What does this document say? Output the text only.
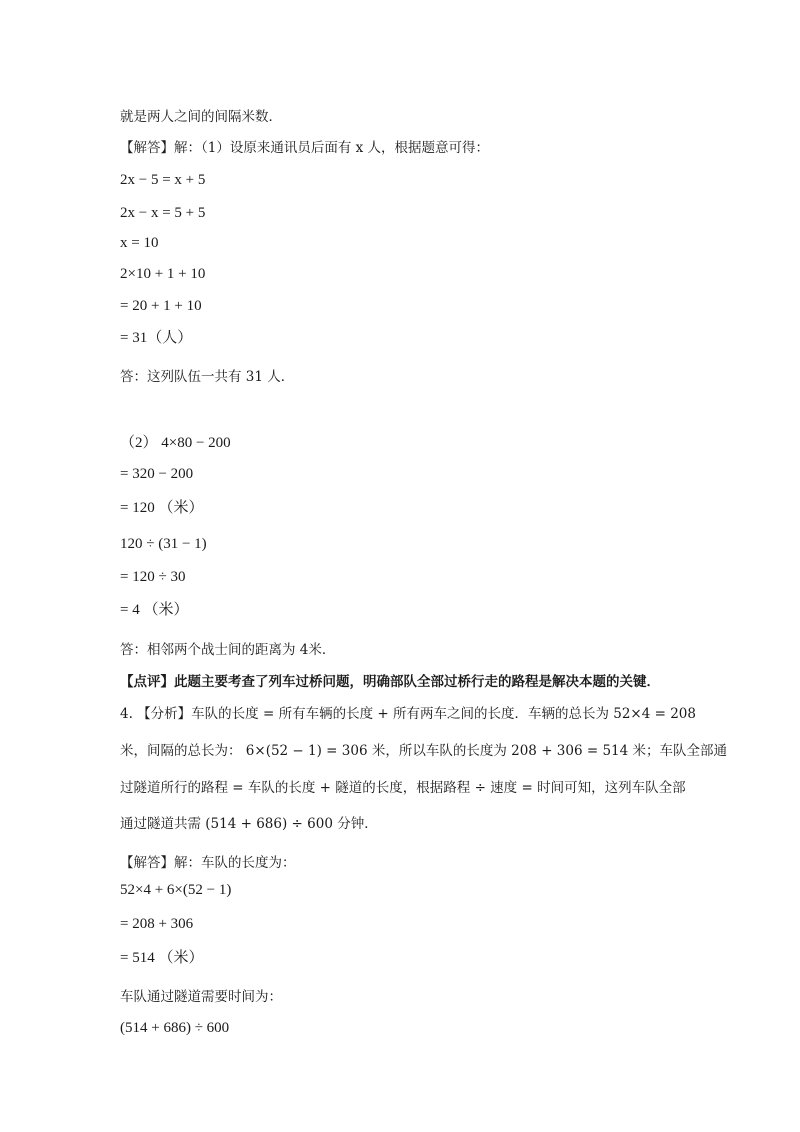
就是两人之间的间隔米数．
【解答】解：（1）设原来通讯员后面有 x 人，根据题意可得：
2x − 5 = x + 5
2x − x = 5 + 5
x = 10
2×10 + 1 + 10
= 20 + 1 + 10
= 31（人）
答：这列队伍一共有 31 人．
（2） 4×80 − 200
= 320 − 200
= 120 （米）
120 ÷ (31 − 1)
= 120 ÷ 30
= 4 （米）
答：相邻两个战士间的距离为 4米．
【点评】此题主要考查了列车过桥问题，明确部队全部过桥行走的路程是解决本题的关键．
4. 【分析】车队的长度 = 所有车辆的长度 + 所有两车之间的长度．车辆的总长为 52×4 = 208
米，间隔的总长为： 6×(52 − 1) = 306 米，所以车队的长度为 208 + 306 = 514 米；车队全部通
过隧道所行的路程 = 车队的长度 + 隧道的长度，根据路程 ÷ 速度 = 时间可知，这列车队全部
通过隧道共需 (514 + 686) ÷ 600 分钟．
【解答】解：车队的长度为：
52×4 + 6×(52 − 1)
= 208 + 306
= 514 （米）
车队通过隧道需要时间为：
(514 + 686) ÷ 600
